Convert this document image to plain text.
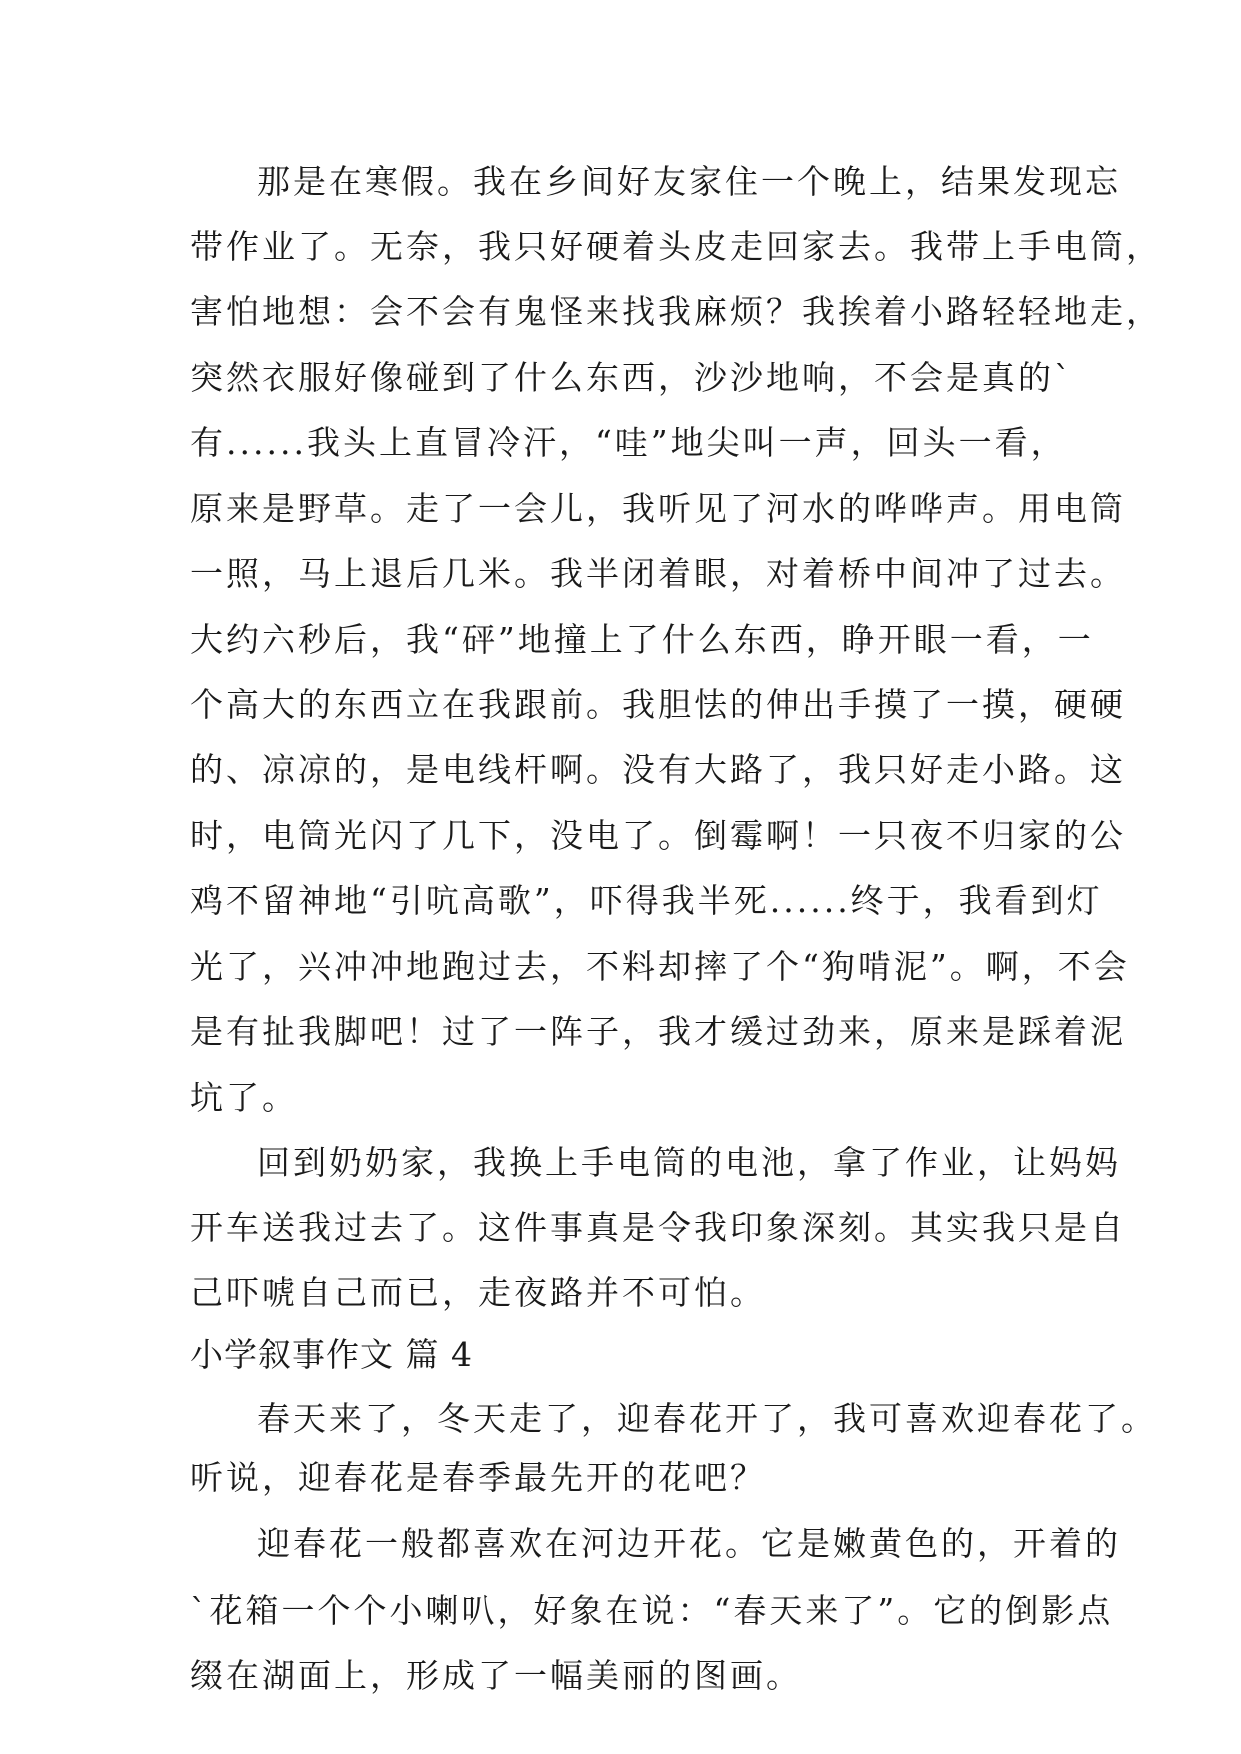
那是在寒假。我在乡间好友家住一个晚上，结果发现忘
带作业了。无奈，我只好硬着头皮走回家去。我带上手电筒，
害怕地想：会不会有鬼怪来找我麻烦？我挨着小路轻轻地走，
突然衣服好像碰到了什么东西，沙沙地响，不会是真的`
有......我头上直冒冷汗，“哇”地尖叫一声，回头一看，
原来是野草。走了一会儿，我听见了河水的哗哗声。用电筒
一照，马上退后几米。我半闭着眼，对着桥中间冲了过去。
大约六秒后，我“砰”地撞上了什么东西，睁开眼一看，一
个高大的东西立在我跟前。我胆怯的伸出手摸了一摸，硬硬
的、凉凉的，是电线杆啊。没有大路了，我只好走小路。这
时，电筒光闪了几下，没电了。倒霉啊！一只夜不归家的公
鸡不留神地“引吭高歌”，吓得我半死......终于，我看到灯
光了，兴冲冲地跑过去，不料却摔了个“狗啃泥”。啊，不会
是有扯我脚吧！过了一阵子，我才缓过劲来，原来是踩着泥
坑了。
回到奶奶家，我换上手电筒的电池，拿了作业，让妈妈
开车送我过去了。这件事真是令我印象深刻。其实我只是自
己吓唬自己而已，走夜路并不可怕。
小学叙事作文 篇 4
春天来了，冬天走了，迎春花开了，我可喜欢迎春花了。
听说，迎春花是春季最先开的花吧？
迎春花一般都喜欢在河边开花。它是嫩黄色的，开着的
`花箱一个个小喇叭，好象在说：“春天来了”。它的倒影点
缀在湖面上，形成了一幅美丽的图画。
